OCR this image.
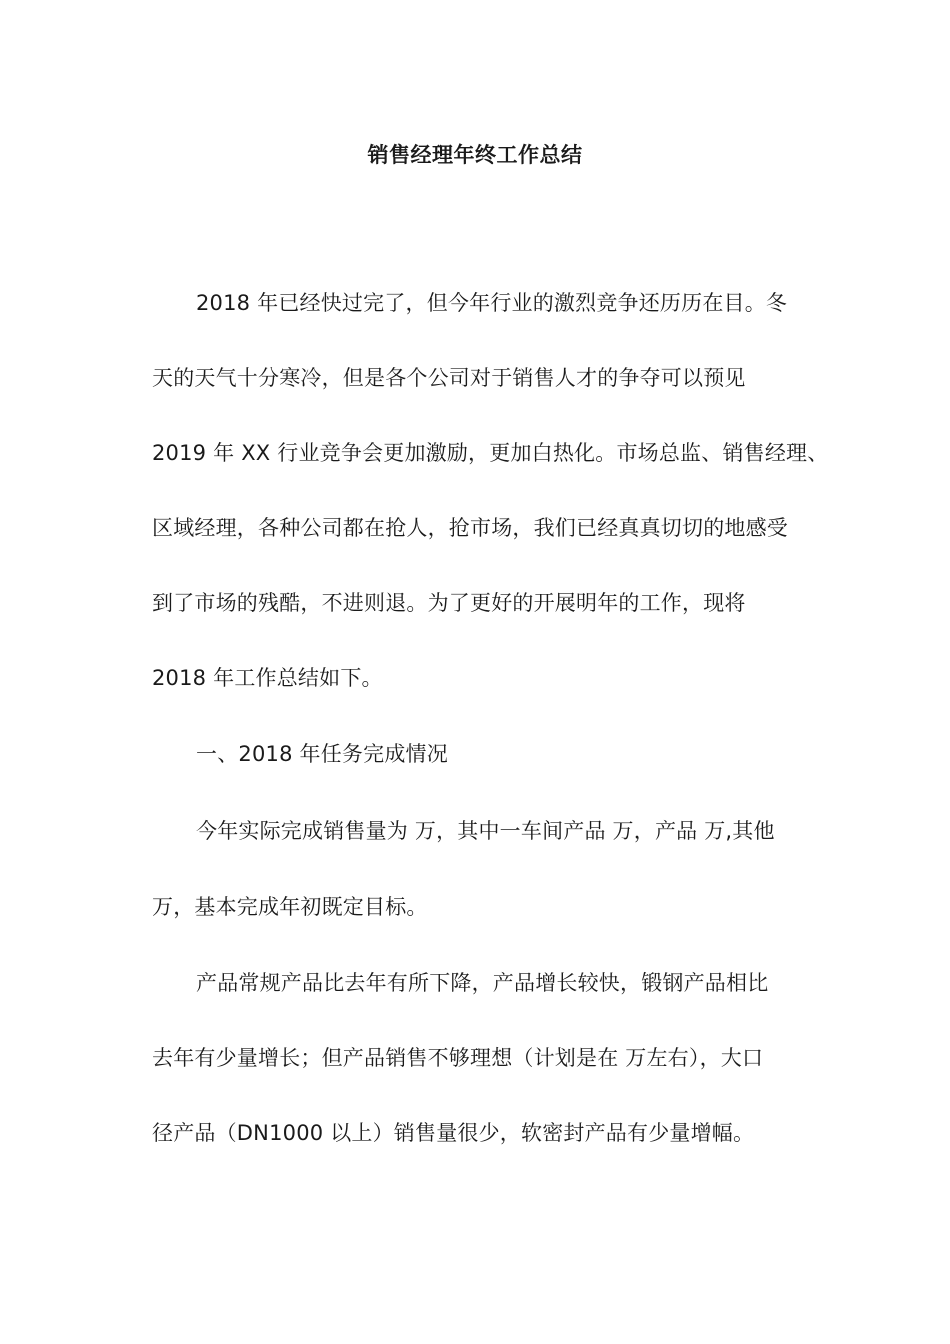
销售经理年终工作总结
2018 年已经快过完了，但今年行业的激烈竞争还历历在目。冬
天的天气十分寒冷，但是各个公司对于销售人才的争夺可以预见
2019 年 XX 行业竞争会更加激励，更加白热化。市场总监、销售经理、
区域经理，各种公司都在抢人，抢市场，我们已经真真切切的地感受
到了市场的残酷，不进则退。为了更好的开展明年的工作，现将
2018 年工作总结如下。
一、2018 年任务完成情况
今年实际完成销售量为 万，其中一车间产品 万，产品 万,其他
万，基本完成年初既定目标。
产品常规产品比去年有所下降，产品增长较快，锻钢产品相比
去年有少量增长；但产品销售不够理想（计划是在 万左右），大口
径产品（DN1000 以上）销售量很少，软密封产品有少量增幅。
